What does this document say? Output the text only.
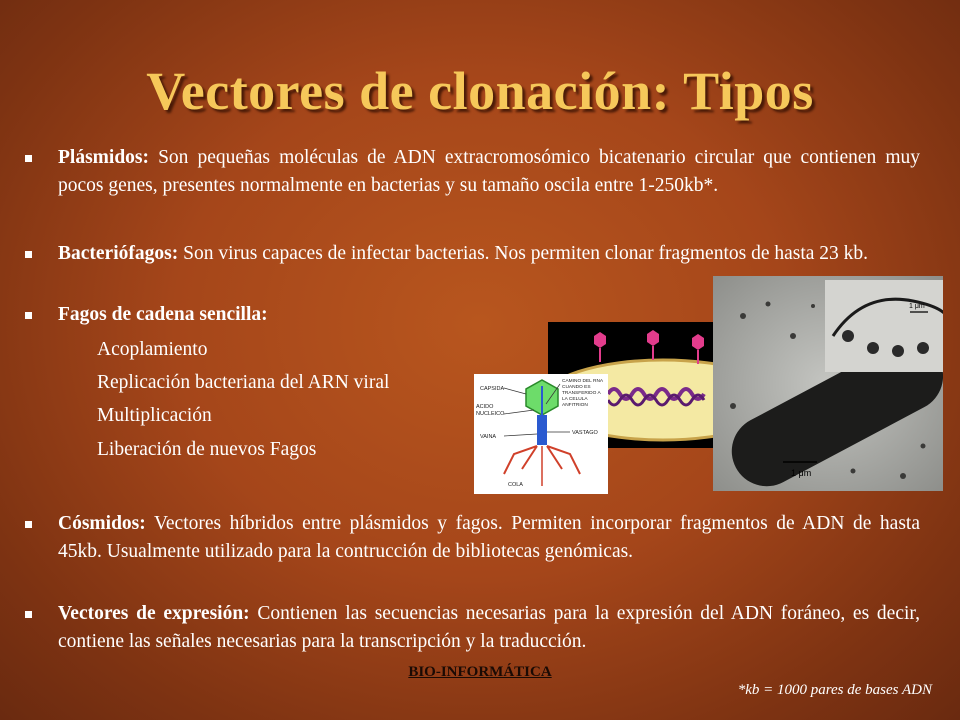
Vectores de clonación: Tipos
Plásmidos: Son pequeñas moléculas de ADN extracromosómico bicatenario circular que contienen muy pocos genes, presentes normalmente en bacterias y su tamaño oscila entre 1-250kb*.
Bacteriófagos: Son virus capaces de infectar bacterias. Nos permiten clonar fragmentos de hasta 23 kb.
Fagos de cadena sencilla:
Acoplamiento
Replicación bacteriana del ARN viral
Multiplicación
Liberación de nuevos Fagos
CAPSIDA
ACIDO
NUCLEICO
VAINA
COLA
VASTAGO
CAMINO DEL RNA
CUANDO ES
TRANSFERIDO A
LA CELULA
ANFITRION
1 μm
1 μm
Cósmidos: Vectores híbridos entre plásmidos y fagos. Permiten incorporar fragmentos de ADN de hasta 45kb. Usualmente utilizado para la contrucción de bibliotecas genómicas.
Vectores de expresión: Contienen las secuencias necesarias para la expresión del ADN foráneo, es decir, contiene las señales necesarias para la transcripción y la traducción.
BIO-INFORMÁTICA
*kb = 1000 pares de bases ADN
